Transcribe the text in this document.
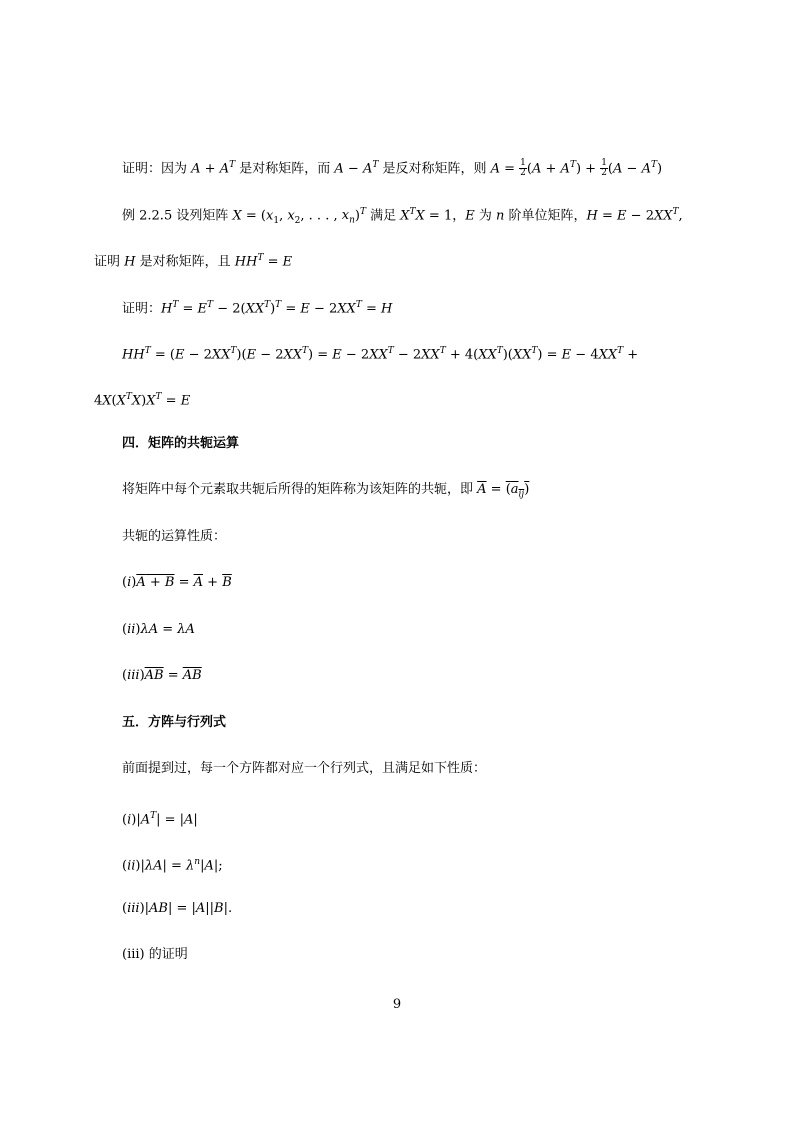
证明：因为 $A + A^T$ 是对称矩阵，而 $A - A^T$ 是反对称矩阵，则 $A = \frac{1}{2} (A + A^T) + \frac{1}{2} (A - A^T)$
例 2.2.5 设列矩阵 $X = (x_1$, $x_2$, . . . , $x_n)^T$ 满足 $X^TX = 1$，E 为 n 阶单位矩阵，$H = E - 2XX^T$,
证明 H 是对称矩阵，且 $HH^T = E$
证明：$H^T = E^T - 2(XX^T)^T = E - 2XX^T = H$
$HH^T = (E - 2XX^T)(E - 2XX^T) = E - 2XX^T - 2XX^T + 4(XX^T)(XX^T) = E - 4XX^T$ +
$4X(X^TX)X^T = E$
四．矩阵的共轭运算
将矩阵中每个元素取共轭后所得的矩阵称为该矩阵的共轭，即 $\overline{A} = (a_{ij})$
共轭的运算性质：
$(i)A + B = \overline{A} + \overline{B}$
(ii)λA = λA
$(iii)\overline{AB} = \overline{AB}$
五．方阵与行列式
前面提到过，每一个方阵都对应一个行列式，且满足如下性质：
$(i)|A^T| = |A|$
$(ii)|\lambda A| = \lambda^n|A|$;
(iii)|AB| = |A||B|.
(iii) 的证明
9
